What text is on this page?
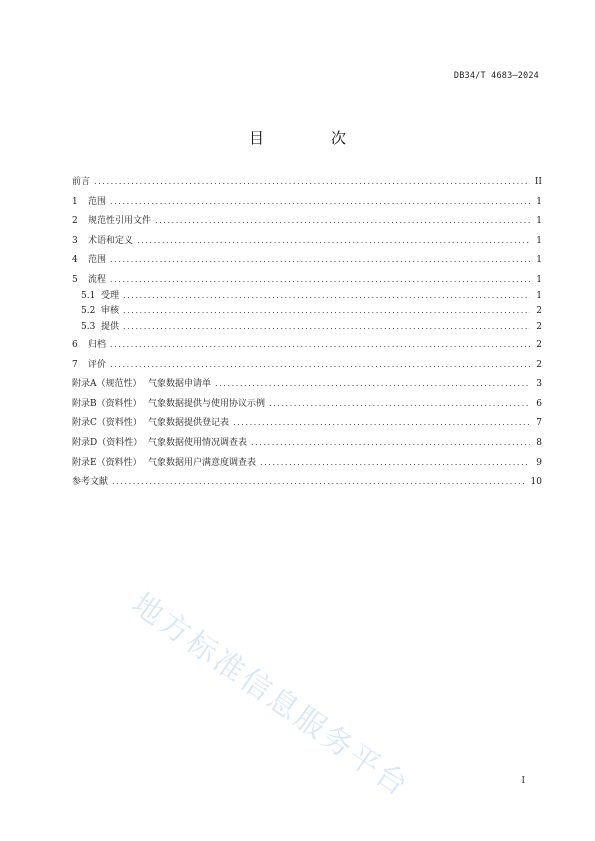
DB34/T 4683—2024
目　次
前言 .....	II
1	范围 .....	1
2	规范性引用文件 .....	1
3	术语和定义 .....	1
4	范围 .....	1
5	流程 .....	1
5.1 受理 .....	1
5.2 审核 .....	2
5.3 提供 .....	2
6	归档 .....	2
7	评价 .....	2
附录A（规范性） 气象数据申请单 .....	3
附录B（资料性） 气象数据提供与使用协议示例 .....	6
附录C（资料性） 气象数据提供登记表 .....	7
附录D（资料性） 气象数据使用情况调查表 .....	8
附录E（资料性） 气象数据用户满意度调查表 .....	9
参考文献 .....	10
地方标准信息服务平台	I
